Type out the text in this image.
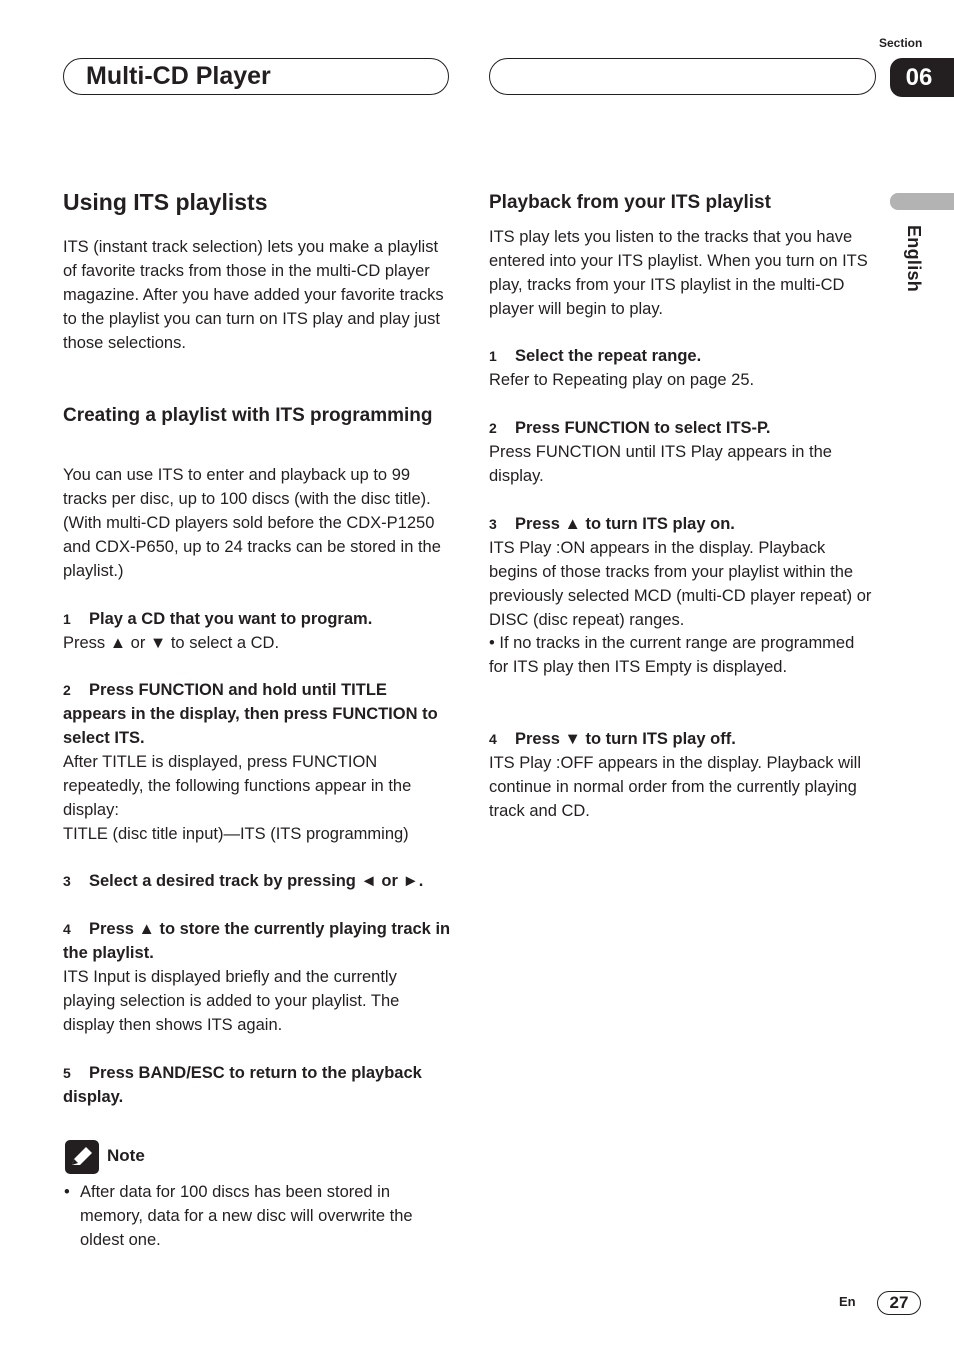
Section
Multi-CD Player	06
English
Using ITS playlists
ITS (instant track selection) lets you make a playlist of favorite tracks from those in the multi-CD player magazine. After you have added your favorite tracks to the playlist you can turn on ITS play and play just those selections.
Creating a playlist with ITS programming
You can use ITS to enter and playback up to 99 tracks per disc, up to 100 discs (with the disc title). (With multi-CD players sold before the CDX-P1250 and CDX-P650, up to 24 tracks can be stored in the playlist.)
1 Play a CD that you want to program.
Press ▲ or ▼ to select a CD.
2 Press FUNCTION and hold until TITLE appears in the display, then press FUNCTION to select ITS.
After TITLE is displayed, press FUNCTION repeatedly, the following functions appear in the display:
TITLE (disc title input)—ITS (ITS programming)
3 Select a desired track by pressing ◄ or ►.
4 Press ▲ to store the currently playing track in the playlist.
ITS Input is displayed briefly and the currently playing selection is added to your playlist. The display then shows ITS again.
5 Press BAND/ESC to return to the playback display.
Note
• After data for 100 discs has been stored in memory, data for a new disc will overwrite the oldest one.
Playback from your ITS playlist
ITS play lets you listen to the tracks that you have entered into your ITS playlist. When you turn on ITS play, tracks from your ITS playlist in the multi-CD player will begin to play.
1 Select the repeat range.
Refer to Repeating play on page 25.
2 Press FUNCTION to select ITS-P.
Press FUNCTION until ITS Play appears in the display.
3 Press ▲ to turn ITS play on.
ITS Play :ON appears in the display. Playback begins of those tracks from your playlist within the previously selected MCD (multi-CD player repeat) or DISC (disc repeat) ranges.
• If no tracks in the current range are programmed for ITS play then ITS Empty is displayed.
4 Press ▼ to turn ITS play off.
ITS Play :OFF appears in the display. Playback will continue in normal order from the currently playing track and CD.
En	27
